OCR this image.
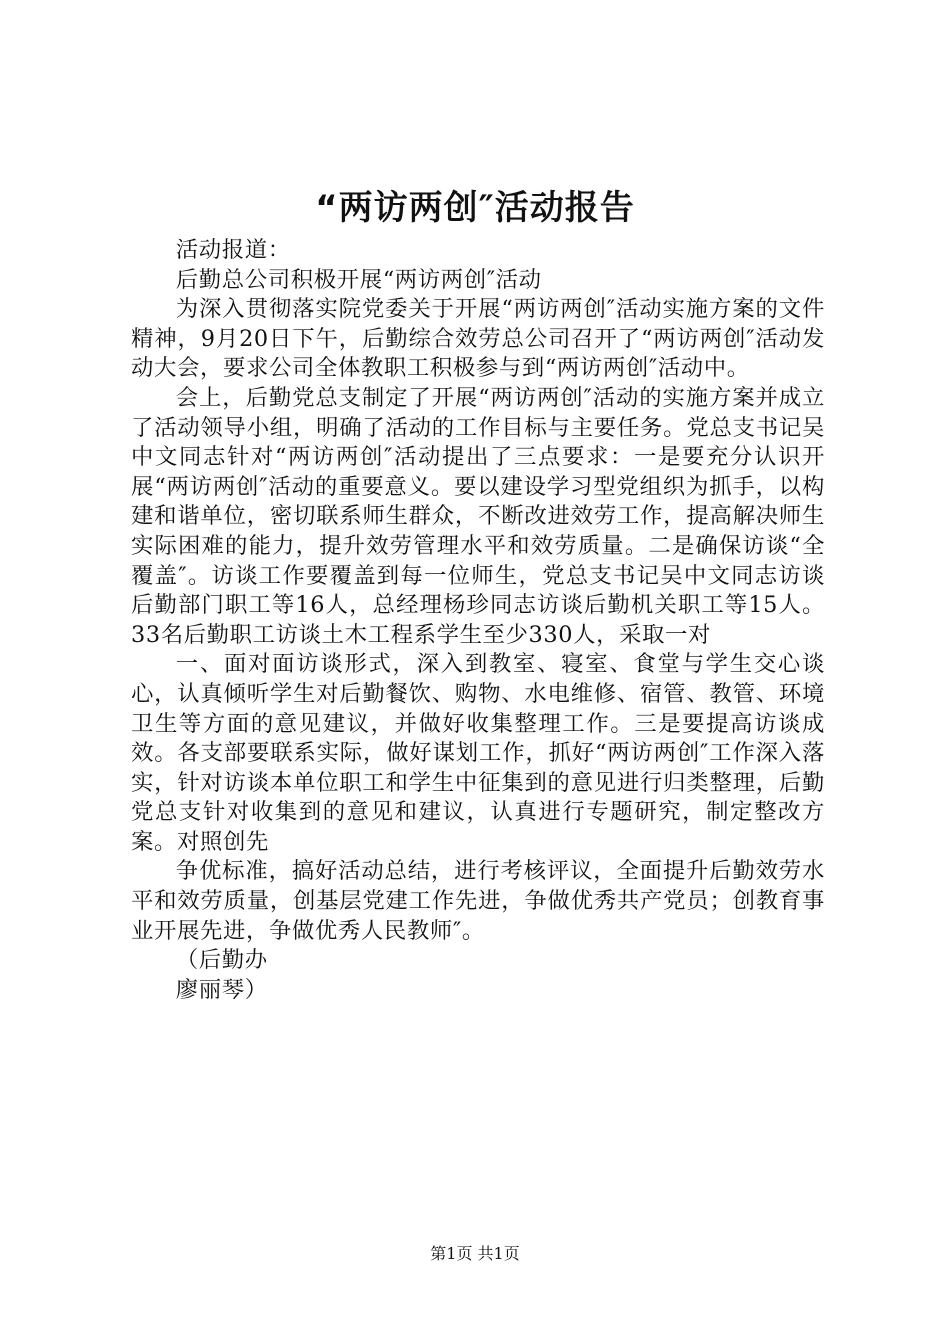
“两访两创″活动报告

活动报道：

后勤总公司积极开展“两访两创″活动

为深入贯彻落实院党委关于开展“两访两创″活动实施方案的文件精神，9月20日下午，后勤综合效劳总公司召开了“两访两创″活动发动大会，要求公司全体教职工积极参与到“两访两创″活动中。

会上，后勤党总支制定了开展“两访两创″活动的实施方案并成立了活动领导小组，明确了活动的工作目标与主要任务。党总支书记吴中文同志针对“两访两创″活动提出了三点要求：一是要充分认识开展“两访两创″活动的重要意义。要以建设学习型党组织为抓手，以构建和谐单位，密切联系师生群众，不断改进效劳工作，提高解决师生实际困难的能力，提升效劳管理水平和效劳质量。二是确保访谈“全覆盖″。访谈工作要覆盖到每一位师生，党总支书记吴中文同志访谈后勤部门职工等16人，总经理杨珍同志访谈后勤机关职工等15人。33名后勤职工访谈土木工程系学生至少330人，采取一对

一、面对面访谈形式，深入到教室、寝室、食堂与学生交心谈心，认真倾听学生对后勤餐饮、购物、水电维修、宿管、教管、环境卫生等方面的意见建议，并做好收集整理工作。三是要提高访谈成效。各支部要联系实际，做好谋划工作，抓好“两访两创″工作深入落实，针对访谈本单位职工和学生中征集到的意见进行归类整理，后勤党总支针对收集到的意见和建议，认真进行专题研究，制定整改方案。对照创先

争优标准，搞好活动总结，进行考核评议，全面提升后勤效劳水平和效劳质量，创基层党建工作先进，争做优秀共产党员；创教育事业开展先进，争做优秀人民教师″。

（后勤办

廖丽琴）

第1页 共1页
